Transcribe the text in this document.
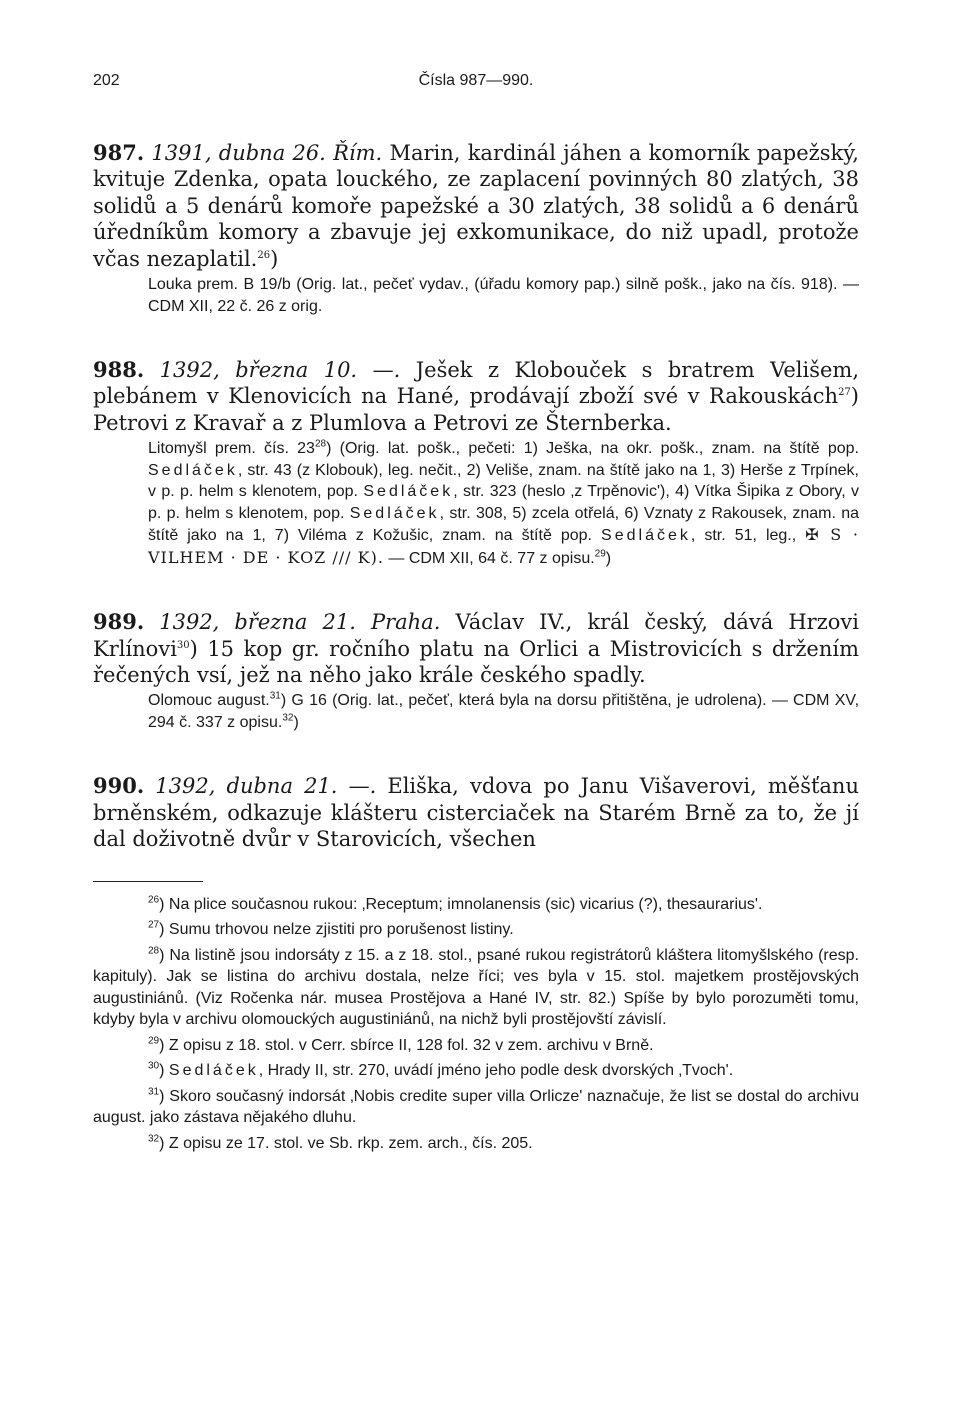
202	Čísla 987—990.

987. 1391, dubna 26. Řím. Marin, kardinál jáhen a komorník papežský, kvituje Zdenka, opata louckého, ze zaplacení povinných 80 zlatých, 38 solidů a 5 denárů komoře papežské a 30 zlatých, 38 solidů a 6 denárů úředníkům komory a zbavuje jej exkomunikace, do niž upadl, protože včas nezaplatil.$^{26}$)

Louka prem. B 19/b (Orig. lat., pečeť vydav., (úřadu komory pap.) silně pošk., jako na čís. 918). — CDM XII, 22 č. 26 z orig.

988. 1392, března 10. —. Ješek z Klobouček s bratrem Velišem, plebánem v Klenovicích na Hané, prodávají zboží své v Rakouskách$^{27}$) Petrovi z Kravař a z Plumlova a Petrovi ze Šternberka.

Litomyšl prem. čís. $23^{28}$) (Orig. lat. pošk., pečeti: 1) Ješka, na okr. pošk., znam. na štítě pop. Sedláček, str. 43 (z Klobouk), leg. nečit., 2) Veliše, znam. na štítě jako na 1, 3) Herše z Trpínek, v p. p. helm s klenotem, pop. Sedláček, str. 323 (heslo ‚z Trpěnovic'), 4) Vítka Šipika z Obory, v p. p. helm s klenotem, pop. Sedláček, str. 308, 5) zcela otřelá, 6) Vznaty z Rakousek, znam. na štítě jako na 1, 7) Viléma z Kožušic, znam. na štítě pop. Sedláček, str. 51, leg., ✠ S · VILHEM · DE · KOZ /// K). — CDM XII, 64 č. 77 z opisu.$^{29}$)

989. 1392, března 21. Praha. Václav IV., král český, dává Hrzovi Krlínovi$^{30}$) 15 kop gr. ročního platu na Orlici a Mistrovicích s držením řečených vsí, jež na něho jako krále českého spadly.

Olomouc august.$^{31}$) G 16 (Orig. lat., pečeť, která byla na dorsu přitištěna, je udrolena). — CDM XV, 294 č. 337 z opisu.$^{32}$)

990. 1392, dubna 21. —. Eliška, vdova po Janu Višaverovi, měšťanu brněnském, odkazuje klášteru cisterciaček na Starém Brně za to, že jí dal doživotně dvůr v Starovicích, všechen

$^{26}$) Na plice současnou rukou: ‚Receptum; imnolanensis (sic) vicarius (?), thesaurarius'.

$^{27}$) Sumu trhovou nelze zjistiti pro porušenost listiny.

$^{28}$) Na listině jsou indorsáty z 15. a z 18. stol., psané rukou registrátorů kláštera litomyšlského (resp. kapituly). Jak se listina do archivu dostala, nelze říci; ves byla v 15. stol. majetkem prostějovských augustiniánů. (Viz Ročenka nár. musea Prostějova a Hané IV, str. 82.) Spíše by bylo porozuměti tomu, kdyby byla v archivu olomouckých augustiniánů, na nichž byli prostějovští závislí.

$^{29}$) Z opisu z 18. stol. v Cerr. sbírce II, 128 fol. 32 v zem. archivu v Brně.

$^{30}$) Sedláček, Hrady II, str. 270, uvádí jméno jeho podle desk dvorských ‚Tvoch'.

$^{31}$) Skoro současný indorsát ‚Nobis credite super villa Orlicze' naznačuje, že list se dostal do archivu august. jako zástava nějakého dluhu.

$^{32}$) Z opisu ze 17. stol. ve Sb. rkp. zem. arch., čís. 205.
